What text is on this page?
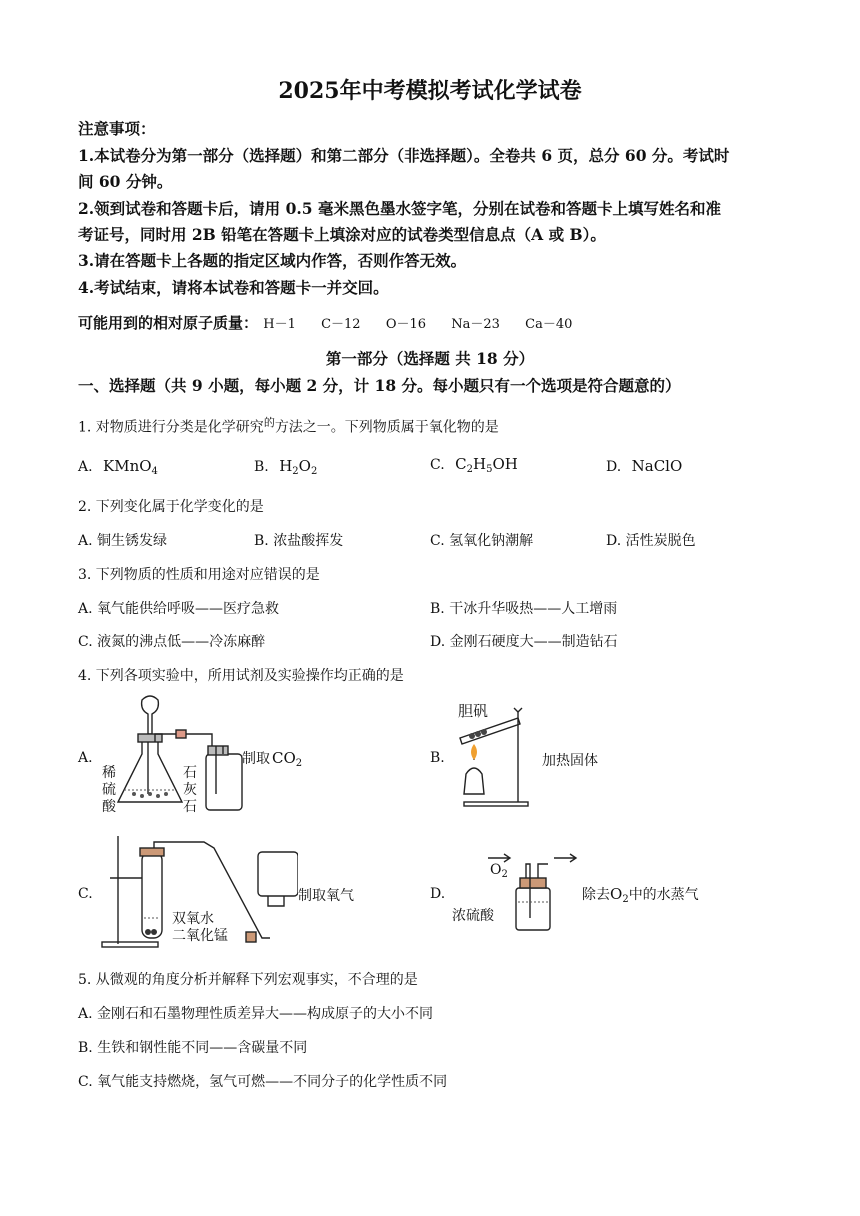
2025年中考模拟考试化学试卷
注意事项：
1.本试卷分为第一部分（选择题）和第二部分（非选择题）。全卷共 6 页，总分 60 分。考试时
间 60 分钟。
2.领到试卷和答题卡后，请用 0.5 毫米黑色墨水签字笔，分别在试卷和答题卡上填写姓名和准
考证号，同时用 2B 铅笔在答题卡上填涂对应的试卷类型信息点（A 或 B）。
3.请在答题卡上各题的指定区域内作答，否则作答无效。
4.考试结束，请将本试卷和答题卡一并交回。
可能用到的相对原子质量： H－1 C－12 O－16 Na－23 Ca－40
第一部分（选择题 共 18 分）
一、选择题（共 9 小题，每小题 2 分，计 18 分。每小题只有一个选项是符合题意的）
1. 对物质进行分类是化学研究$^的$方法之一。下列物质属于氧化物的是
A. KMnO$_4$	B. $H_2O_2$	C. $C_2H_5OH$	D. NaClO
2. 下列变化属于化学变化的是
A. 铜生锈发绿	B. 浓盐酸挥发	C. 氢氧化钠潮解	D. 活性炭脱色
3. 下列物质的性质和用途对应错误的是
A. 氧气能供给呼吸——医疗急救	B. 干冰升华吸热——人工增雨
C. 液氮的沸点低——冷冻麻醉	D. 金刚石硬度大——制造钻石
4. 下列各项实验中，所用试剂及实验操作均正确的是
A.
稀
硫
酸
石
灰
石
制取 $CO_2$	B.
胆矾
加热固体
C.
双氧水
二氧化锰
制取氧气	D.
$O_2$
浓硫酸
除去$O_2$中的水蒸气
5. 从微观的角度分析并解释下列宏观事实，不合理的是
A. 金刚石和石墨物理性质差异大——构成原子的大小不同
B. 生铁和钢性能不同——含碳量不同
C. 氧气能支持燃烧，氢气可燃——不同分子的化学性质不同
